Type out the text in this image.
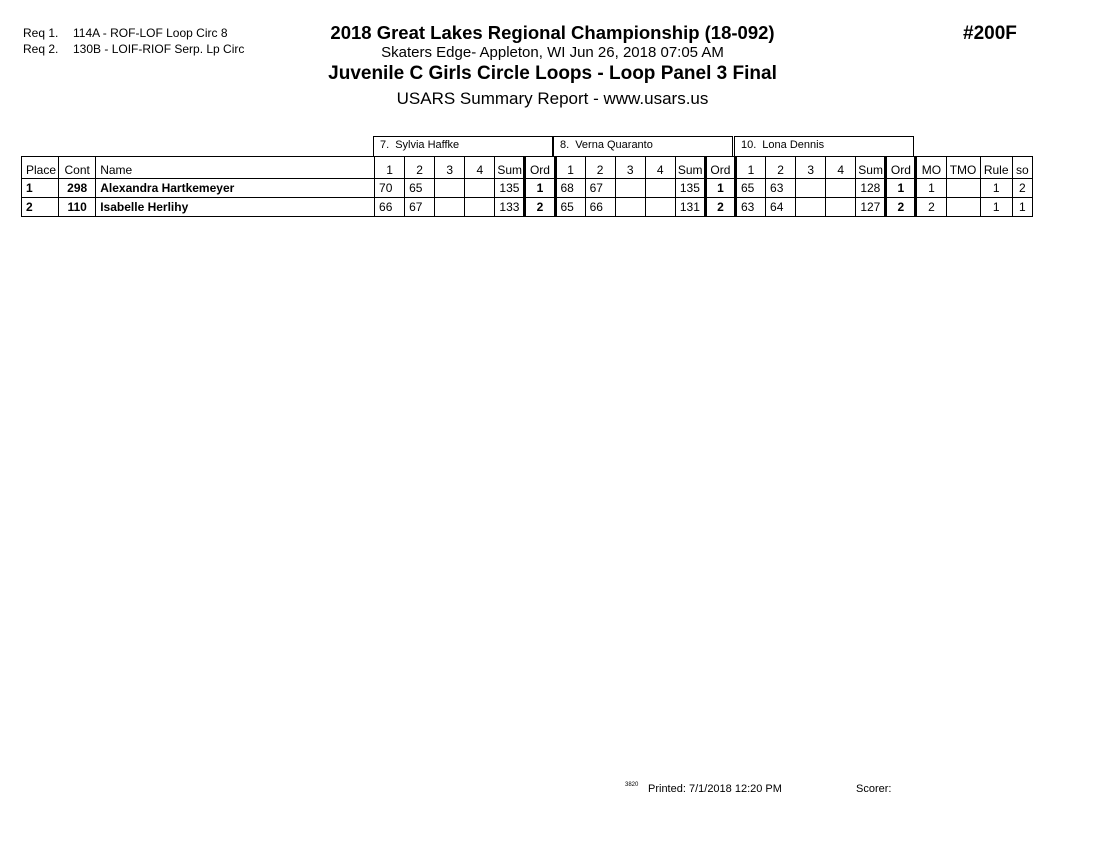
Req 1. 114A - ROF-LOF Loop Circ 8
Req 2. 130B - LOIF-RIOF Serp. Lp Circ
2018 Great Lakes Regional Championship (18-092)
Skaters Edge- Appleton, WI Jun 26, 2018 07:05 AM
Juvenile C Girls Circle Loops - Loop Panel 3 Final
USARS Summary Report - www.usars.us
#200F
7. Sylvia Haffke	8. Verna Quaranto	10. Lona Dennis
Place	Cont	Name	1	2	3	4	Sum	Ord	1	2	3	4	Sum	Ord	1	2	3	4	Sum	Ord	MO	TMO	Rule	so
1	298	Alexandra Hartkemeyer	70	65			135	1	68	67			135	1	65	63			128	1	1		1	2
2	110	Isabelle Herlihy	66	67			133	2	65	66			131	2	63	64			127	2	2		1	1
3820 Printed: 7/1/2018 12:20 PM	Scorer:
